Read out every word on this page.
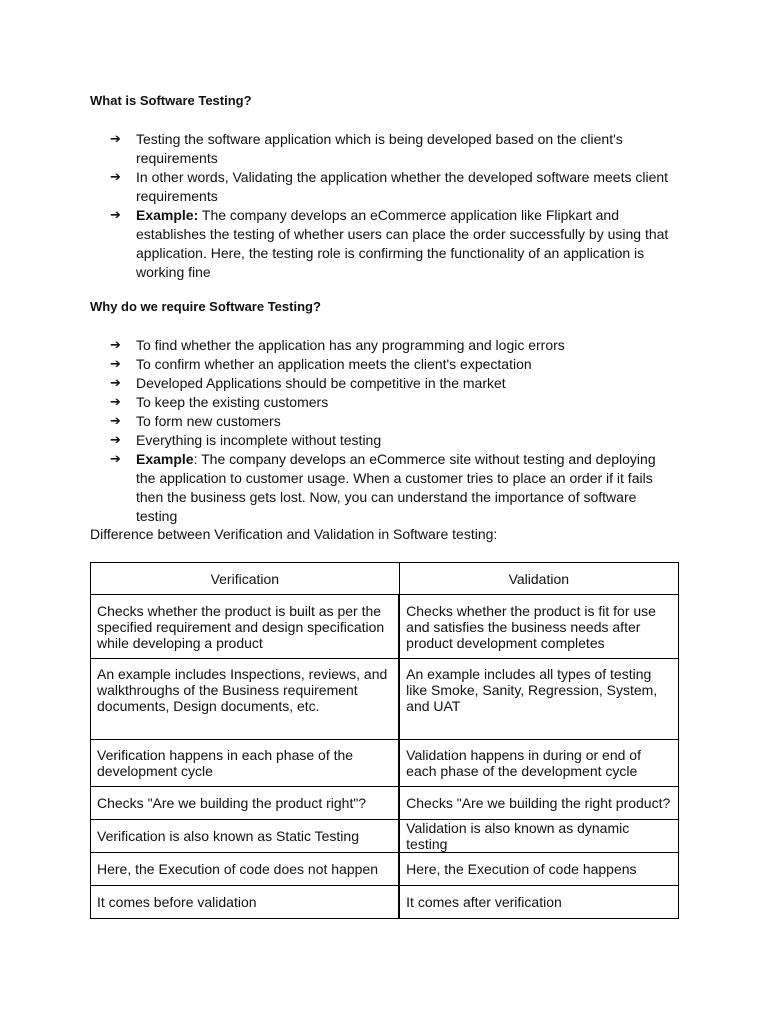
What is Software Testing?
➔	Testing the software application which is being developed based on the client's requirements
➔	In other words, Validating the application whether the developed software meets client requirements
➔	Example: The company develops an eCommerce application like Flipkart and establishes the testing of whether users can place the order successfully by using that application. Here, the testing role is confirming the functionality of an application is working fine
Why do we require Software Testing?
➔	To find whether the application has any programming and logic errors
➔	To confirm whether an application meets the client's expectation
➔	Developed Applications should be competitive in the market
➔	To keep the existing customers
➔	To form new customers
➔	Everything is incomplete without testing
➔	Example: The company develops an eCommerce site without testing and deploying the application to customer usage. When a customer tries to place an order if it fails then the business gets lost. Now, you can understand the importance of software testing

Difference between Verification and Validation in Software testing:

Verification	Validation
Checks whether the product is built as per the specified requirement and design specification while developing a product	Checks whether the product is fit for use and satisfies the business needs after product development completes
An example includes Inspections, reviews, and walkthroughs of the Business requirement documents, Design documents, etc.	An example includes all types of testing like Smoke, Sanity, Regression, System, and UAT
Verification happens in each phase of the development cycle	Validation happens in during or end of each phase of the development cycle
Checks "Are we building the product right"?	Checks "Are we building the right product?
Verification is also known as Static Testing	Validation is also known as dynamic testing
Here, the Execution of code does not happen	Here, the Execution of code happens
It comes before validation	It comes after verification
